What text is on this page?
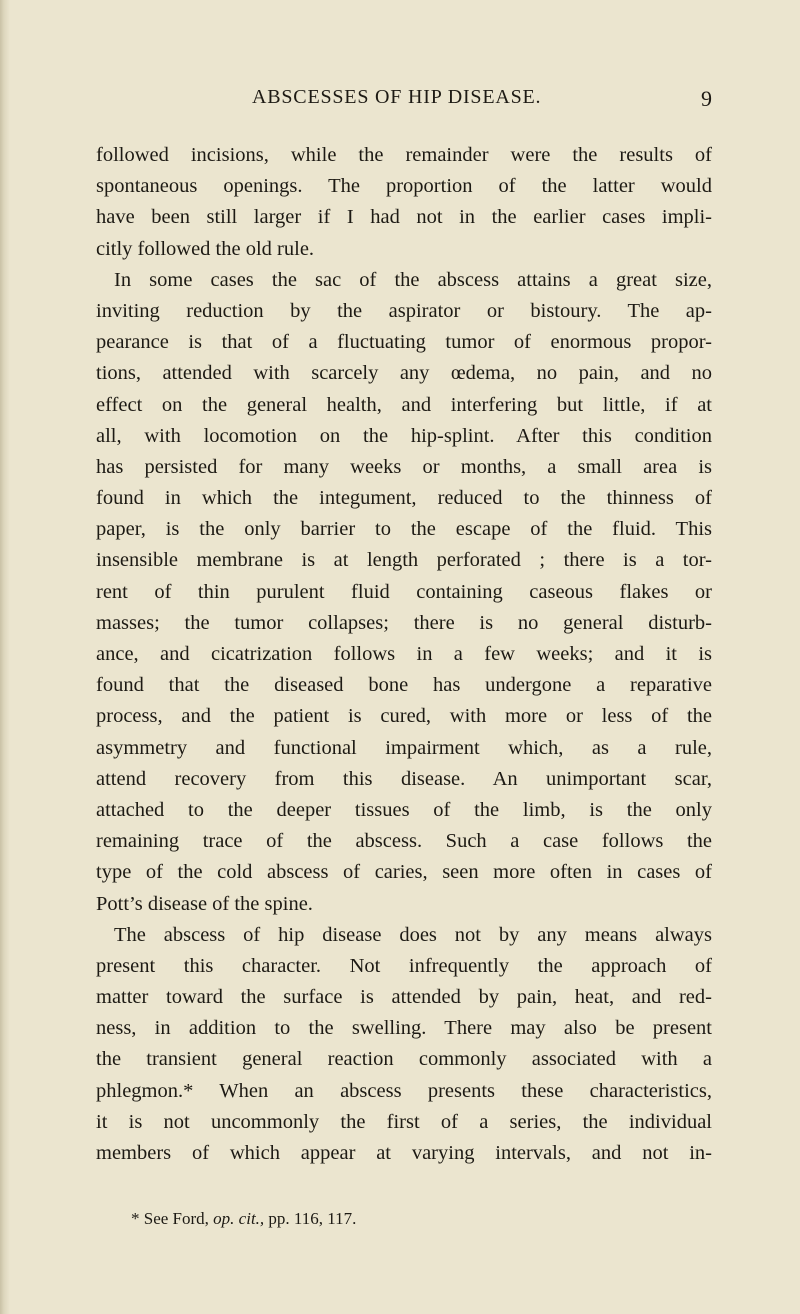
ABSCESSES OF HIP DISEASE.	9
followed incisions, while the remainder were the results of
spontaneous openings. The proportion of the latter would
have been still larger if I had not in the earlier cases impli-
citly followed the old rule.
In some cases the sac of the abscess attains a great size,
inviting reduction by the aspirator or bistoury. The ap-
pearance is that of a fluctuating tumor of enormous propor-
tions, attended with scarcely any œdema, no pain, and no
effect on the general health, and interfering but little, if at
all, with locomotion on the hip-splint. After this condition
has persisted for many weeks or months, a small area is
found in which the integument, reduced to the thinness of
paper, is the only barrier to the escape of the fluid. This
insensible membrane is at length perforated ; there is a tor-
rent of thin purulent fluid containing caseous flakes or
masses; the tumor collapses; there is no general disturb-
ance, and cicatrization follows in a few weeks; and it is
found that the diseased bone has undergone a reparative
process, and the patient is cured, with more or less of the
asymmetry and functional impairment which, as a rule,
attend recovery from this disease. An unimportant scar,
attached to the deeper tissues of the limb, is the only
remaining trace of the abscess. Such a case follows the
type of the cold abscess of caries, seen more often in cases of
Pott’s disease of the spine.
The abscess of hip disease does not by any means always
present this character. Not infrequently the approach of
matter toward the surface is attended by pain, heat, and red-
ness, in addition to the swelling. There may also be present
the transient general reaction commonly associated with a
phlegmon.* When an abscess presents these characteristics,
it is not uncommonly the first of a series, the individual
members of which appear at varying intervals, and not in-
* See Ford, op. cit., pp. 116, 117.
